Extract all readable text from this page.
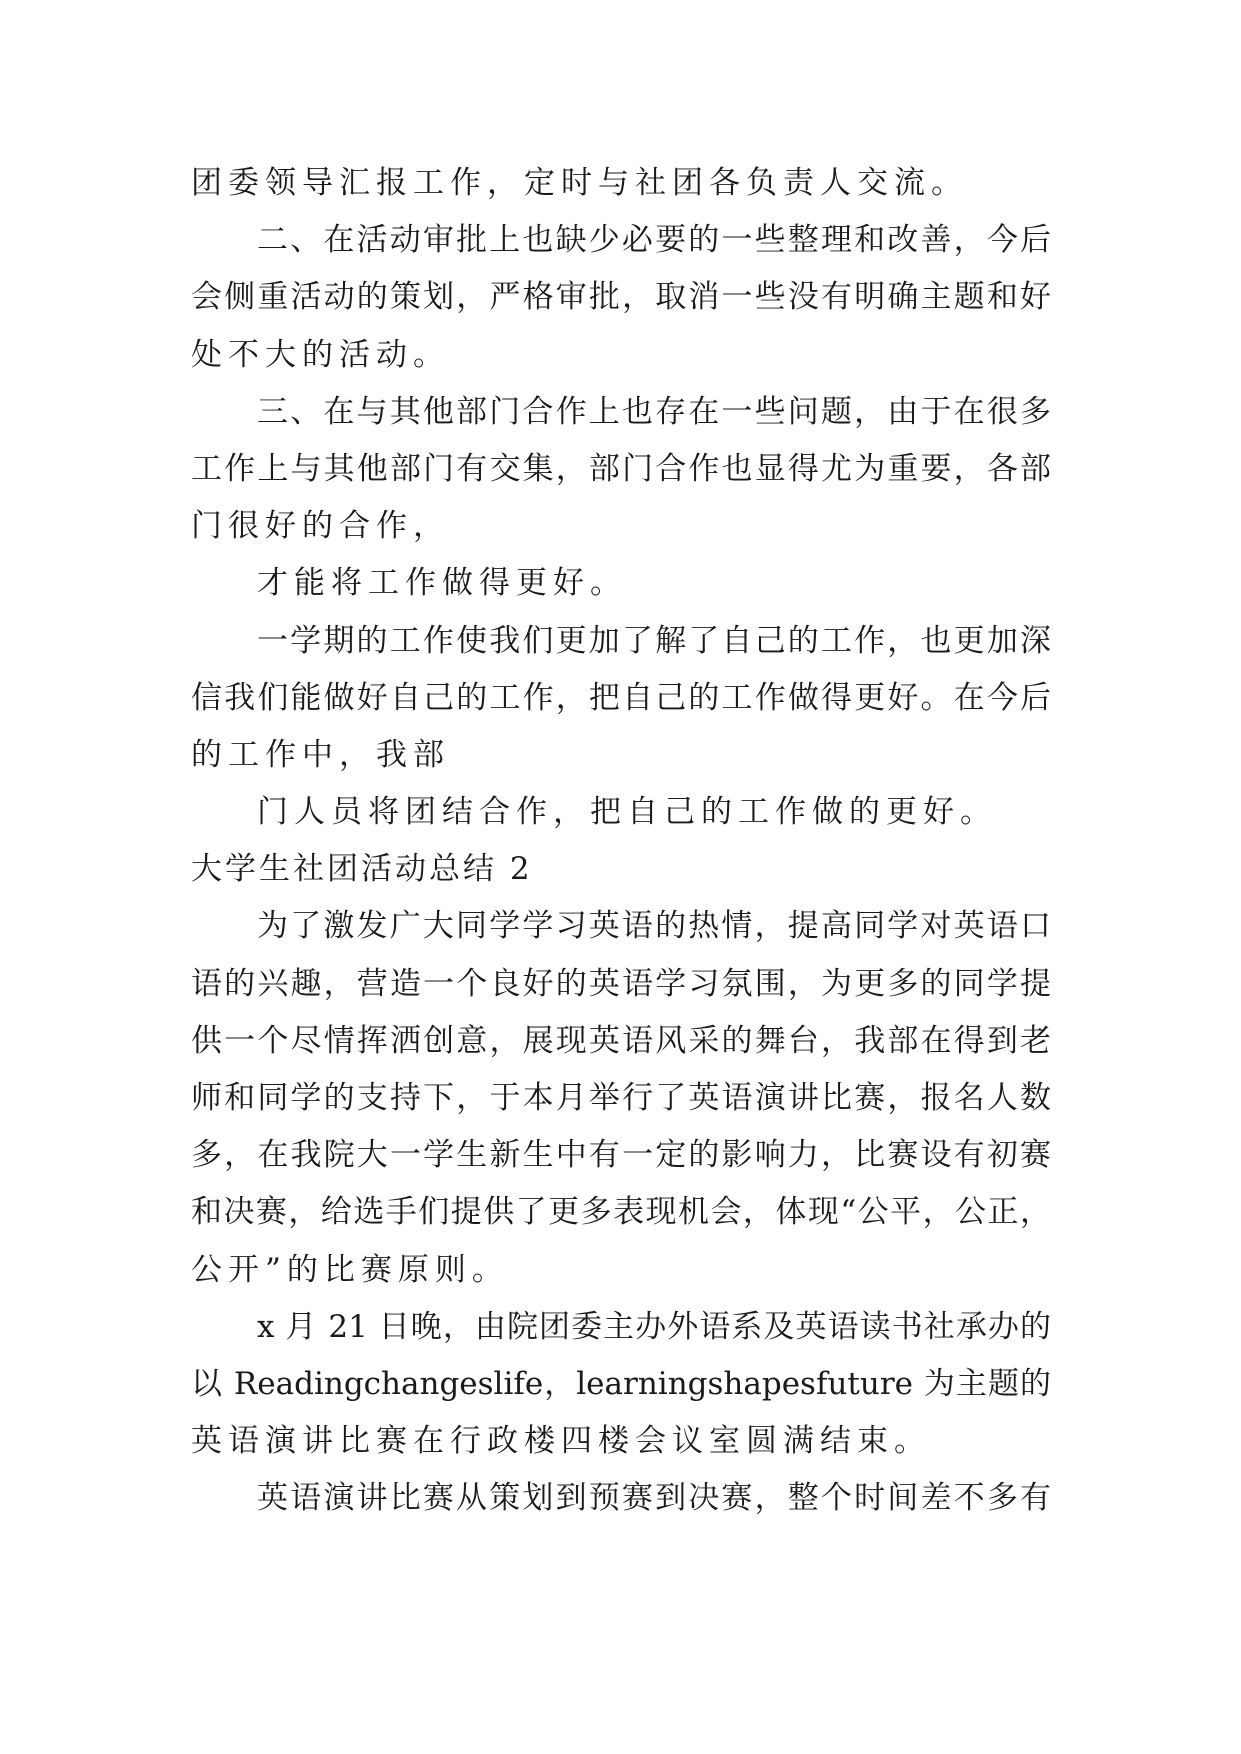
团委领导汇报工作，定时与社团各负责人交流。
二、在活动审批上也缺少必要的一些整理和改善，今后
会侧重活动的策划，严格审批，取消一些没有明确主题和好
处不大的活动。
三、在与其他部门合作上也存在一些问题，由于在很多
工作上与其他部门有交集，部门合作也显得尤为重要，各部
门很好的合作，
才能将工作做得更好。
一学期的工作使我们更加了解了自己的工作，也更加深
信我们能做好自己的工作，把自己的工作做得更好。在今后
的工作中，我部
门人员将团结合作，把自己的工作做的更好。
大学生社团活动总结 2
为了激发广大同学学习英语的热情，提高同学对英语口
语的兴趣，营造一个良好的英语学习氛围，为更多的同学提
供一个尽情挥洒创意，展现英语风采的舞台，我部在得到老
师和同学的支持下，于本月举行了英语演讲比赛，报名人数
多，在我院大一学生新生中有一定的影响力，比赛设有初赛
和决赛，给选手们提供了更多表现机会，体现“公平，公正，
公开”的比赛原则。
x 月 21 日晚，由院团委主办外语系及英语读书社承办的
以 Readingchangeslife，learningshapesfuture 为主题的
英语演讲比赛在行政楼四楼会议室圆满结束。
英语演讲比赛从策划到预赛到决赛，整个时间差不多有
